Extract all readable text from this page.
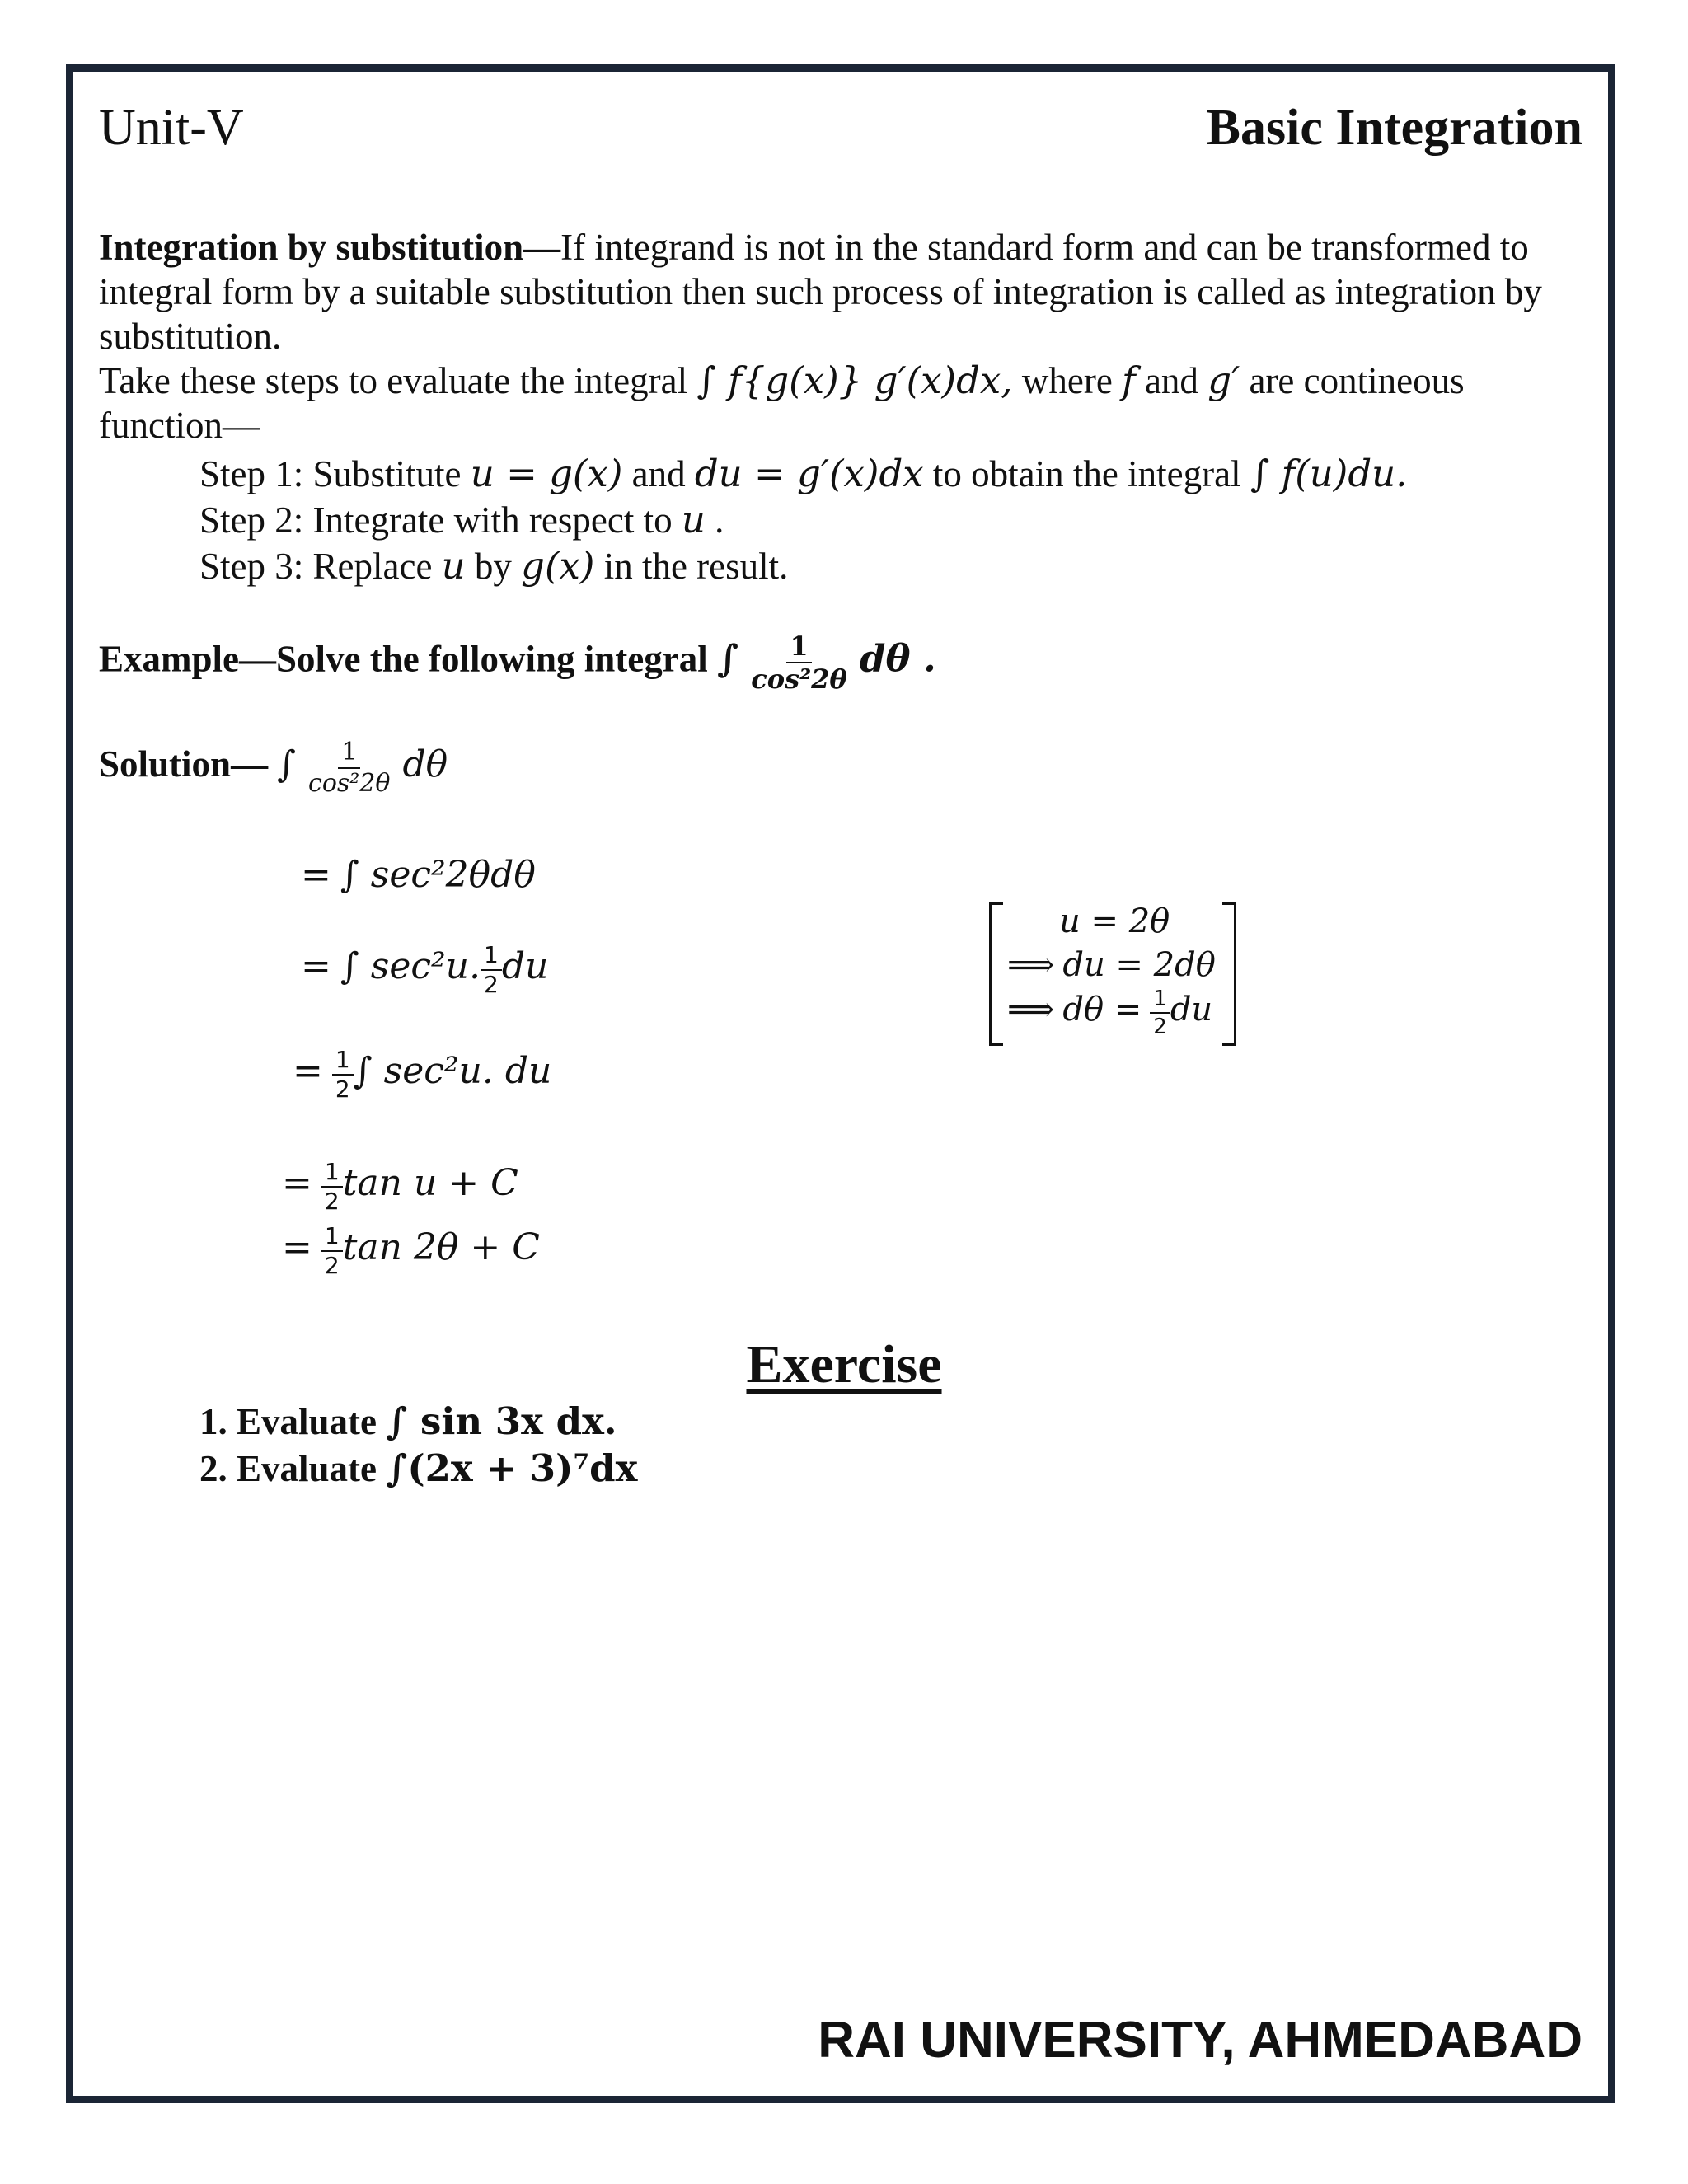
Unit-V	Basic Integration
Integration by substitution—If integrand is not in the standard form and can be transformed to integral form by a suitable substitution then such process of integration is called as integration by substitution.
Take these steps to evaluate the integral ∫ f{g(x)} g′(x)dx, where f and g′ are contineous function—
Step 1: Substitute u = g(x) and du = g′(x)dx to obtain the integral ∫ f(u)du.
Step 2: Integrate with respect to u .
Step 3: Replace u by g(x) in the result.
Example—Solve the following integral ∫ $\frac{1}{\text{cos²2θ}}$ dθ .
Solution— ∫ $\frac{1}{\text{cos²2θ}}$ dθ
= ∫ sec²2θdθ
= ∫ sec²u. $\frac{1}{2}$ du
= $\frac{1}{2}$ ∫ sec²u. du
= $\frac{1}{2}$ tan u + C
= $\frac{1}{2}$ tan 2θ + C
u = 2θ
⟹ du = 2dθ
⟹ $d\theta = \frac{1}{2}$ du
Exercise
1. Evaluate ∫ sin 3x dx.
2. Evaluate ∫(2x + 3)⁷dx
RAI UNIVERSITY, AHMEDABAD
